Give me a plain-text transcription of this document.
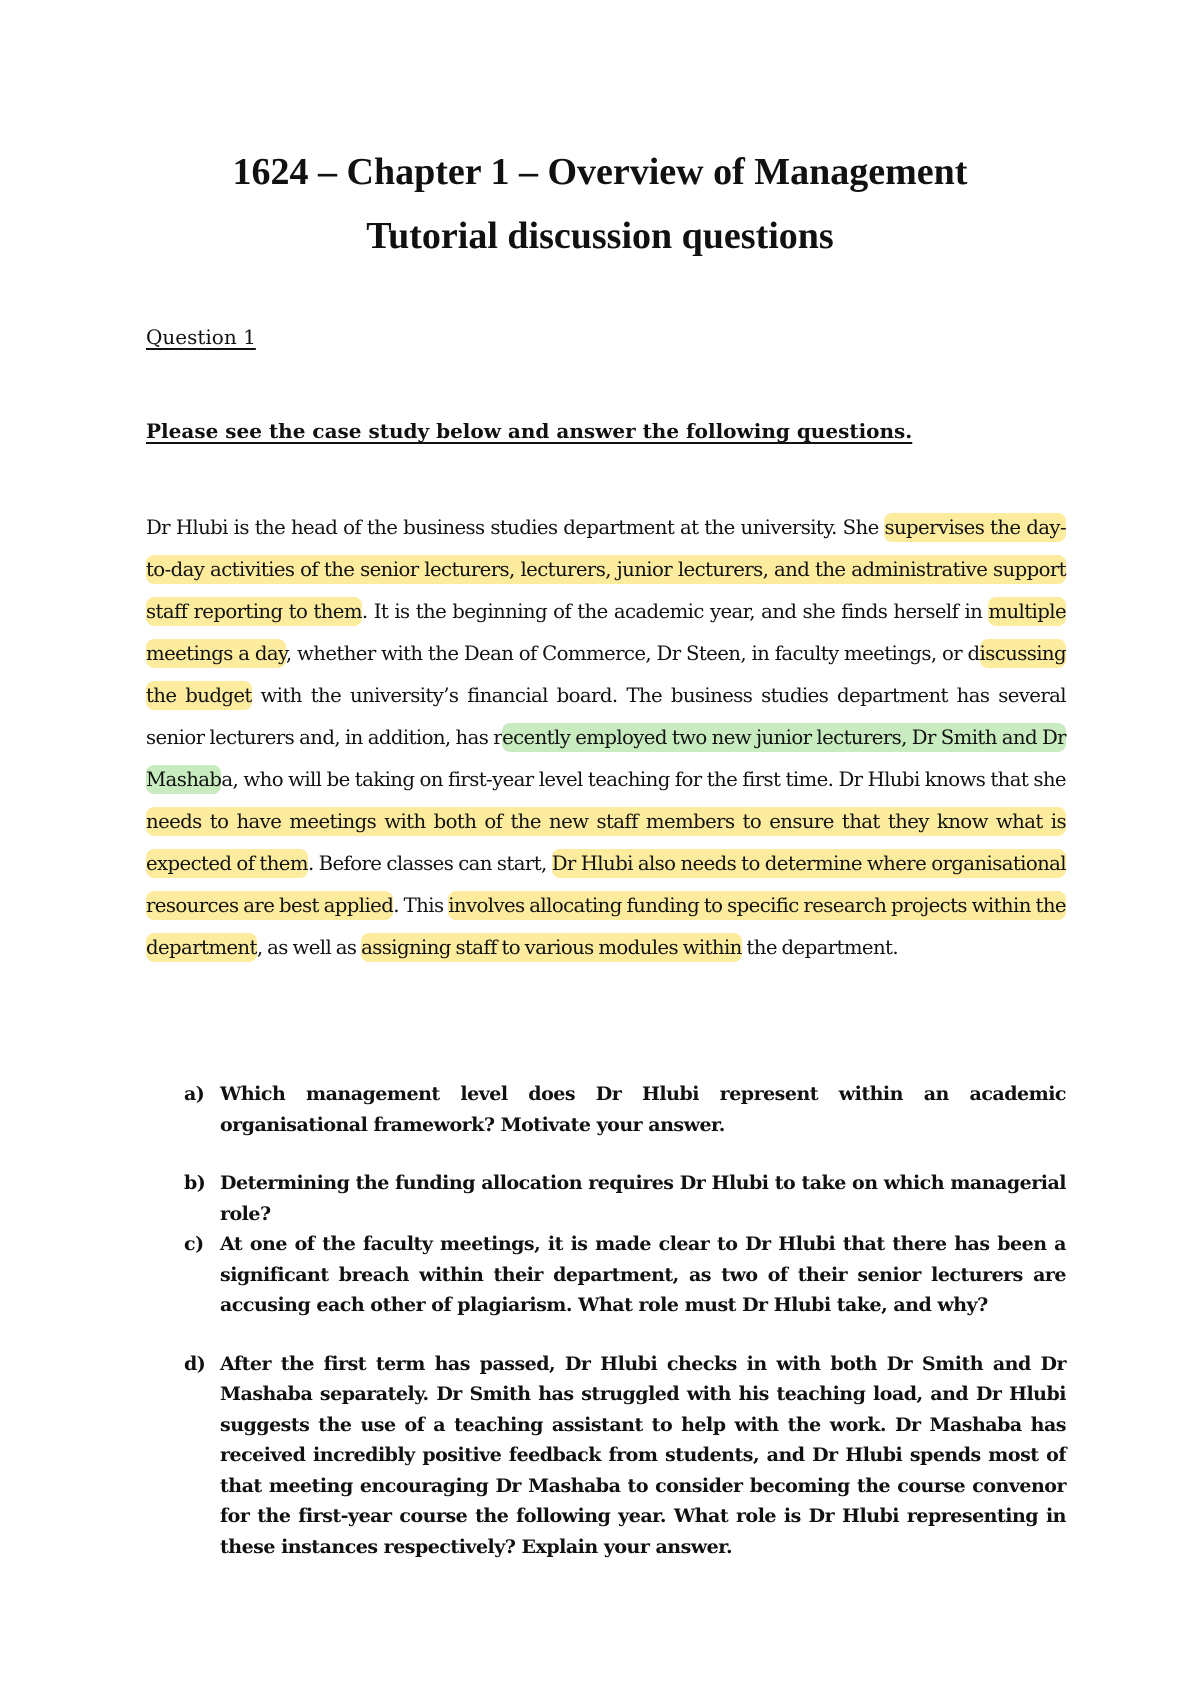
1624 – Chapter 1 – Overview of Management
Tutorial discussion questions
Question 1
Please see the case study below and answer the following questions.
Dr Hlubi is the head of the business studies department at the university. She supervises the day-to-day activities of the senior lecturers, lecturers, junior lecturers, and the administrative support staff reporting to them. It is the beginning of the academic year, and she finds herself in multiple meetings a day, whether with the Dean of Commerce, Dr Steen, in faculty meetings, or discussing the budget with the university’s financial board. The business studies department has several senior lecturers and, in addition, has recently employed two new junior lecturers, Dr Smith and Dr Mashaba, who will be taking on first-year level teaching for the first time. Dr Hlubi knows that she needs to have meetings with both of the new staff members to ensure that they know what is expected of them. Before classes can start, Dr Hlubi also needs to determine where organisational resources are best applied. This involves allocating funding to specific research projects within the department, as well as assigning staff to various modules within the department.
a) Which management level does Dr Hlubi represent within an academic organisational framework? Motivate your answer.
b) Determining the funding allocation requires Dr Hlubi to take on which managerial role?
c) At one of the faculty meetings, it is made clear to Dr Hlubi that there has been a significant breach within their department, as two of their senior lecturers are accusing each other of plagiarism. What role must Dr Hlubi take, and why?
d) After the first term has passed, Dr Hlubi checks in with both Dr Smith and Dr Mashaba separately. Dr Smith has struggled with his teaching load, and Dr Hlubi suggests the use of a teaching assistant to help with the work. Dr Mashaba has received incredibly positive feedback from students, and Dr Hlubi spends most of that meeting encouraging Dr Mashaba to consider becoming the course convenor for the first-year course the following year. What role is Dr Hlubi representing in these instances respectively? Explain your answer.
